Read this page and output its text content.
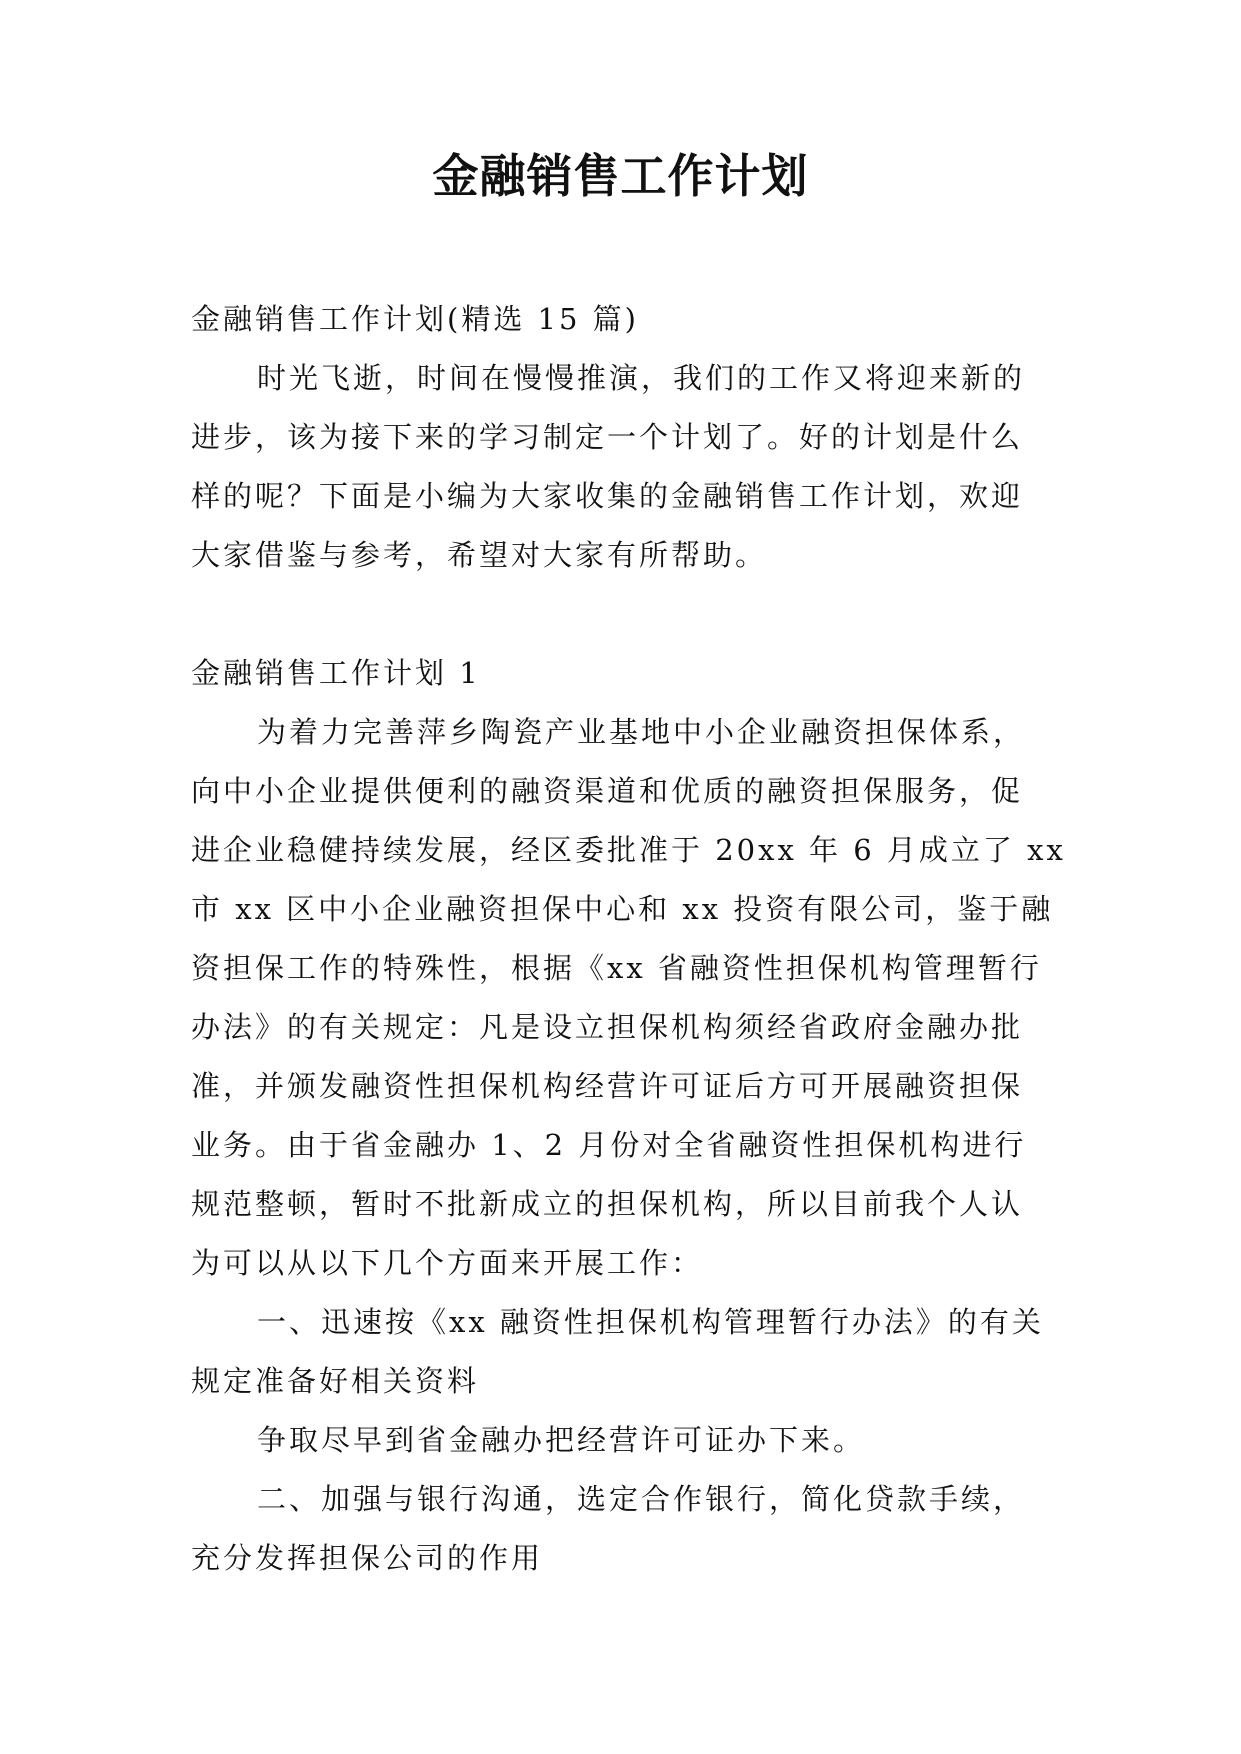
金融销售工作计划
金融销售工作计划(精选 15 篇)
时光飞逝，时间在慢慢推演，我们的工作又将迎来新的
进步，该为接下来的学习制定一个计划了。好的计划是什么
样的呢？下面是小编为大家收集的金融销售工作计划，欢迎
大家借鉴与参考，希望对大家有所帮助。
金融销售工作计划 1
为着力完善萍乡陶瓷产业基地中小企业融资担保体系，
向中小企业提供便利的融资渠道和优质的融资担保服务，促
进企业稳健持续发展，经区委批准于 20xx 年 6 月成立了 xx
市 xx 区中小企业融资担保中心和 xx 投资有限公司，鉴于融
资担保工作的特殊性，根据《xx 省融资性担保机构管理暂行
办法》的有关规定：凡是设立担保机构须经省政府金融办批
准，并颁发融资性担保机构经营许可证后方可开展融资担保
业务。由于省金融办 1、2 月份对全省融资性担保机构进行
规范整顿，暂时不批新成立的担保机构，所以目前我个人认
为可以从以下几个方面来开展工作：
一、迅速按《xx 融资性担保机构管理暂行办法》的有关
规定准备好相关资料
争取尽早到省金融办把经营许可证办下来。
二、加强与银行沟通，选定合作银行，简化贷款手续，
充分发挥担保公司的作用
